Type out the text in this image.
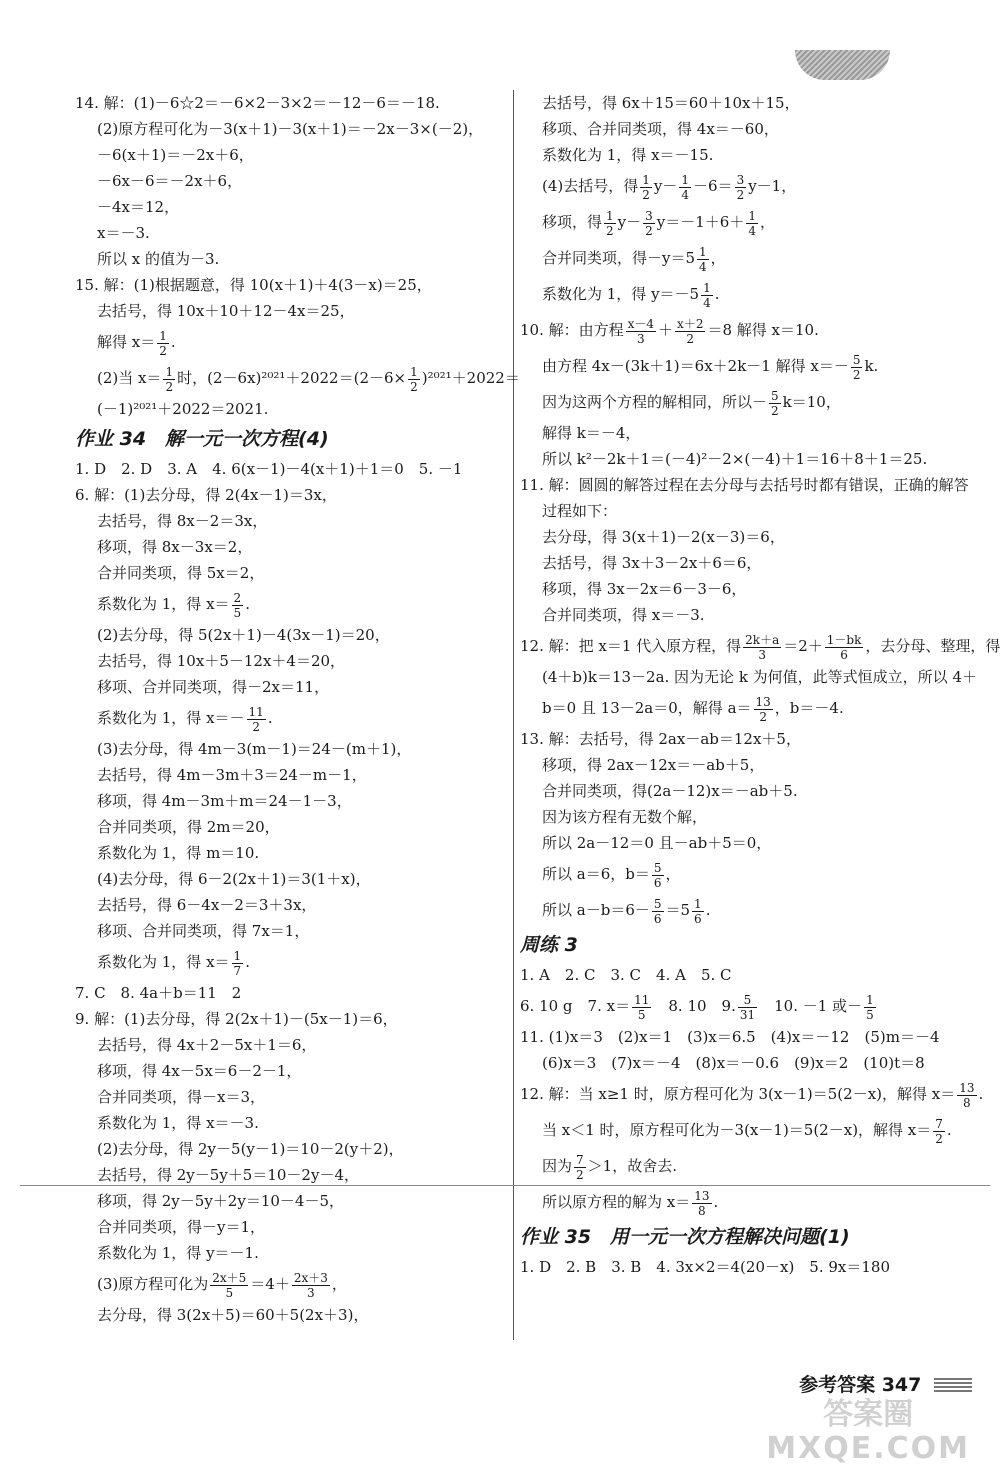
14. 解：(1)－6☆2＝－6×2－3×2＝－12－6＝－18.
(2)原方程可化为－3(x＋1)－3(x＋1)＝－2x－3×(－2)，
－6(x＋1)＝－2x＋6，
－6x－6＝－2x＋6，
－4x＝12，
x＝－3.
所以 x 的值为－3.
15. 解：(1)根据题意，得 10(x＋1)＋4(3－x)＝25，
去括号，得 10x＋10＋12－4x＝25，
解得 $x= \frac{1}{2}$ .
(2)当 $x= \frac{1}{2}$ 时，$(2-6x)^{2021}+2022=(2-6\times \frac{1}{2} )^{2021}+2022=$
(－1)²⁰²¹＋2022＝2021.
作业 34　解一元一次方程(4)
1. D　2. D　3. A　4. 6(x－1)－4(x＋1)＋1＝0　5. －1
6. 解：(1)去分母，得 2(4x－1)＝3x，
去括号，得 8x－2＝3x，
移项，得 8x－3x＝2，
合并同类项，得 5x＝2，
系数化为 1，得 $x= \frac{2}{5}$ .
(2)去分母，得 5(2x＋1)－4(3x－1)＝20，
去括号，得 10x＋5－12x＋4＝20，
移项、合并同类项，得－2x＝11，
系数化为 1，得 $x=- \frac{11}{2}$ .
(3)去分母，得 4m－3(m－1)＝24－(m＋1)，
去括号，得 4m－3m＋3＝24－m－1，
移项，得 4m－3m＋m＝24－1－3，
合并同类项，得 2m＝20，
系数化为 1，得 m＝10.
(4)去分母，得 6－2(2x＋1)＝3(1＋x)，
去括号，得 6－4x－2＝3＋3x，
移项、合并同类项，得 7x＝1，
系数化为 1，得 $x= \frac{1}{7}$ .
7. C　8. 4a＋b＝11　2
9. 解：(1)去分母，得 2(2x＋1)－(5x－1)＝6，
去括号，得 4x＋2－5x＋1＝6，
移项，得 4x－5x＝6－2－1，
合并同类项，得－x＝3，
系数化为 1，得 x＝－3.
(2)去分母，得 2y－5(y－1)＝10－2(y＋2)，
去括号，得 2y－5y＋5＝10－2y－4，
移项，得 2y－5y＋2y＝10－4－5，
合并同类项，得－y＝1，
系数化为 1，得 y＝－1.
(3)原方程可化为 $\frac{2x+5}{5} =4+ \frac{2x+3}{3}$ ，
去分母，得 3(2x＋5)＝60＋5(2x＋3)，
去括号，得 6x＋15＝60＋10x＋15，
移项、合并同类项，得 4x＝－60，
系数化为 1，得 x＝－15.
(4)去括号，得 $\frac{1}{2} y- \frac{1}{4} -6= \frac{3}{2} y-1$，
移项，得 $\frac{1}{2} y- \frac{3}{2} y=-1+6+ \frac{1}{4}$ ，
合并同类项，得$-y=5 \frac{1}{4}$ ，
系数化为 1，得 $y=-5 \frac{1}{4}$ .
10. 解：由方程 $\frac{x-4}{3} + \frac{x+2}{2} =8$ 解得 x＝10.
由方程 4x－(3k＋1)＝6x＋2k－1 解得 $x=- \frac{5}{2} k$.
因为这两个方程的解相同，所以－ $\frac{5}{2} k=10$，
解得 k＝－4，
所以 k²－2k＋1＝(－4)²－2×(－4)＋1＝16＋8＋1＝25.
11. 解：圆圆的解答过程在去分母与去括号时都有错误，正确的解答
过程如下：
去分母，得 3(x＋1)－2(x－3)＝6，
去括号，得 3x＋3－2x＋6＝6，
移项，得 3x－2x＝6－3－6，
合并同类项，得 x＝－3.
12. 解：把 x＝1 代入原方程，得 $\frac{2k+a}{3} =2+ \frac{1-bk}{6}$ ，去分母、整理，得
(4＋b)k＝13－2a. 因为无论 k 为何值，此等式恒成立，所以 4＋
b＝0 且 13－2a＝0，解得 $a= \frac{13}{2}$ ，b＝－4.
13. 解：去括号，得 2ax－ab＝12x＋5，
移项，得 2ax－12x＝－ab＋5，
合并同类项，得(2a－12)x＝－ab＋5.
因为该方程有无数个解，
所以 2a－12＝0 且－ab＋5＝0，
所以 a＝6，$b= \frac{5}{6}$ ，
所以 $a-b=6- \frac{5}{6} =5 \frac{1}{6}$ .
周练 3
1. A　2. C　3. C　4. A　5. C
6. 10 g　7. $x= \frac{11}{5}$ 　8. 10　9. $\frac{5}{31}$ 　10. －1 或－ $\frac{1}{5}$
11. (1)x＝3　(2)x＝1　(3)x＝6.5　(4)x＝－12　(5)m＝－4
(6)x＝3　(7)x＝－4　(8)x＝－0.6　(9)x＝2　(10)t＝8
12. 解：当 x≥1 时，原方程可化为 3(x－1)＝5(2－x)，解得 $x= \frac{13}{8}$ .
当 x＜1 时，原方程可化为－3(x－1)＝5(2－x)，解得 $x= \frac{7}{2}$ .
因为 $\frac{7}{2} >1$，故舍去.
所以原方程的解为 $x= \frac{13}{8}$ .
作业 35　用一元一次方程解决问题(1)
1. D　2. B　3. B　4. 3x×2＝4(20－x)　5. 9x＝180
参考答案 347
答案圈
MXQE.COM
